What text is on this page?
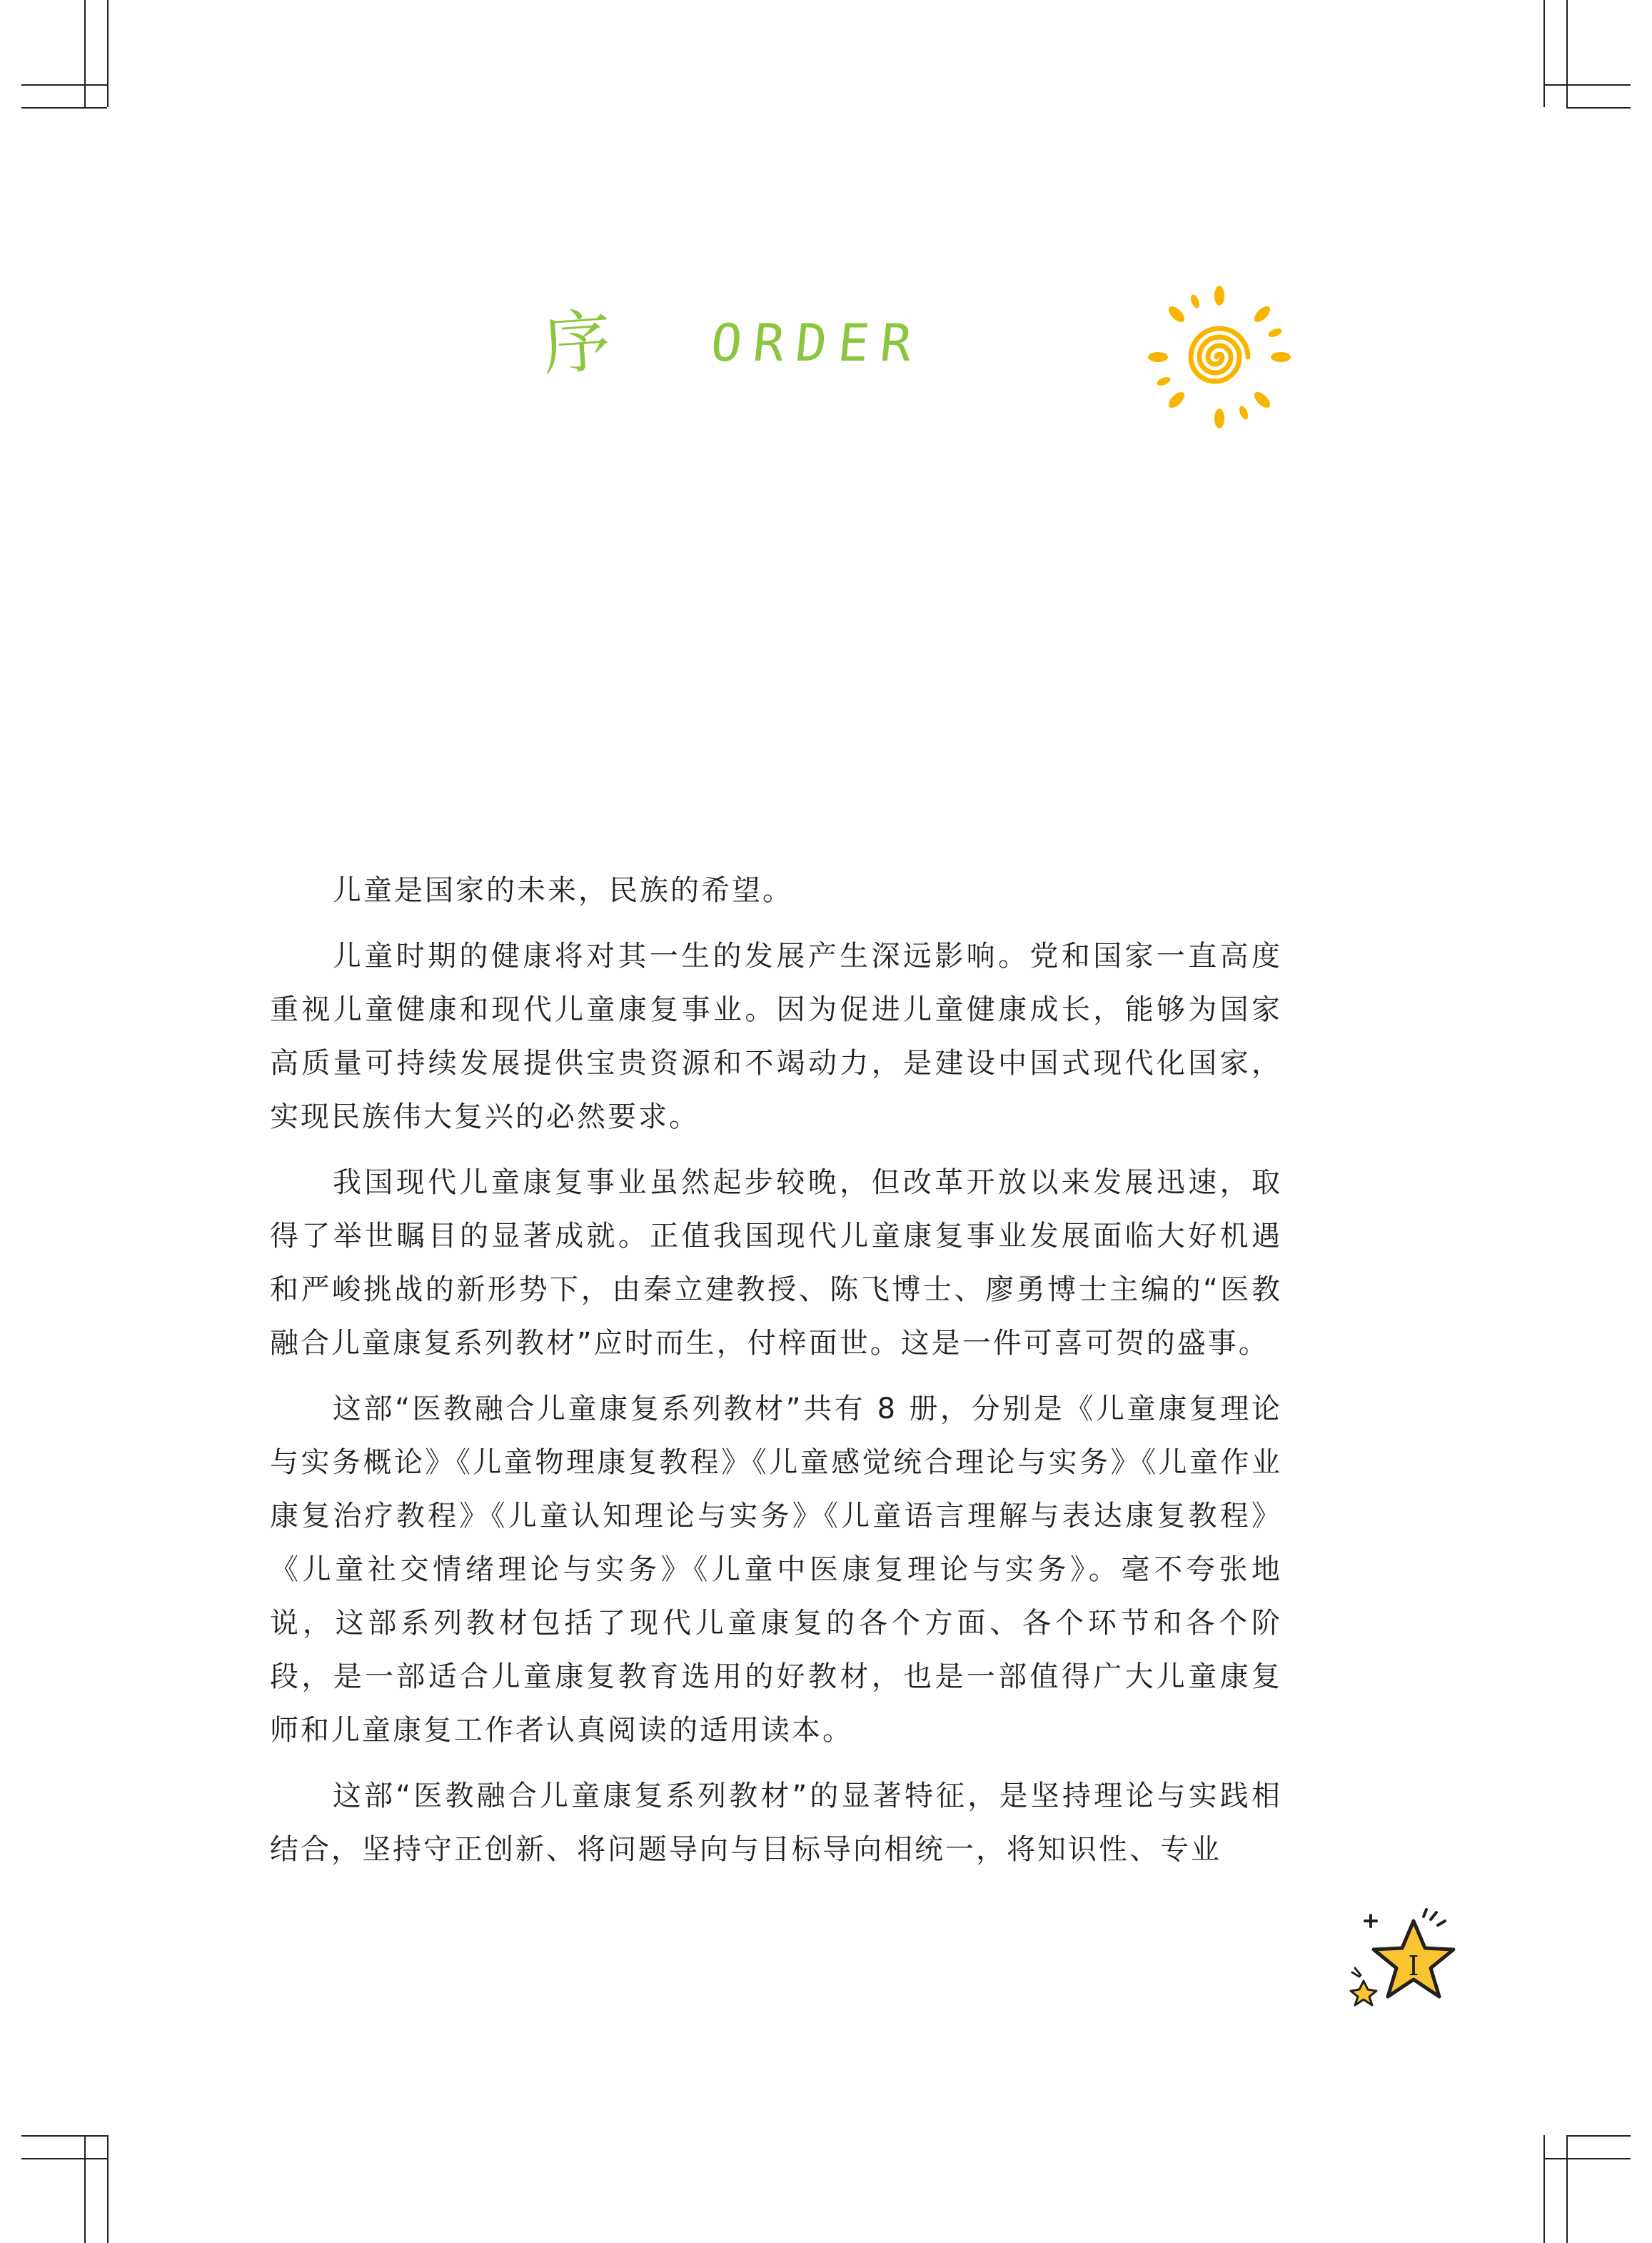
序 ORDER

儿童是国家的未来，民族的希望。

儿童时期的健康将对其一生的发展产生深远影响。党和国家一直高度重视儿童健康和现代儿童康复事业。因为促进儿童健康成长，能够为国家高质量可持续发展提供宝贵资源和不竭动力，是建设中国式现代化国家，实现民族伟大复兴的必然要求。

我国现代儿童康复事业虽然起步较晚，但改革开放以来发展迅速，取得了举世瞩目的显著成就。正值我国现代儿童康复事业发展面临大好机遇和严峻挑战的新形势下，由秦立建教授、陈飞博士、廖勇博士主编的“医教融合儿童康复系列教材”应时而生，付梓面世。这是一件可喜可贺的盛事。

这部“医教融合儿童康复系列教材”共有 8 册，分别是《儿童康复理论与实务概论》《儿童物理康复教程》《儿童感觉统合理论与实务》《儿童作业康复治疗教程》《儿童认知理论与实务》《儿童语言理解与表达康复教程》《儿童社交情绪理论与实务》《儿童中医康复理论与实务》。毫不夸张地说，这部系列教材包括了现代儿童康复的各个方面、各个环节和各个阶段，是一部适合儿童康复教育选用的好教材，也是一部值得广大儿童康复师和儿童康复工作者认真阅读的适用读本。

这部“医教融合儿童康复系列教材”的显著特征，是坚持理论与实践相结合，坚持守正创新、将问题导向与目标导向相统一，将知识性、专业

I
